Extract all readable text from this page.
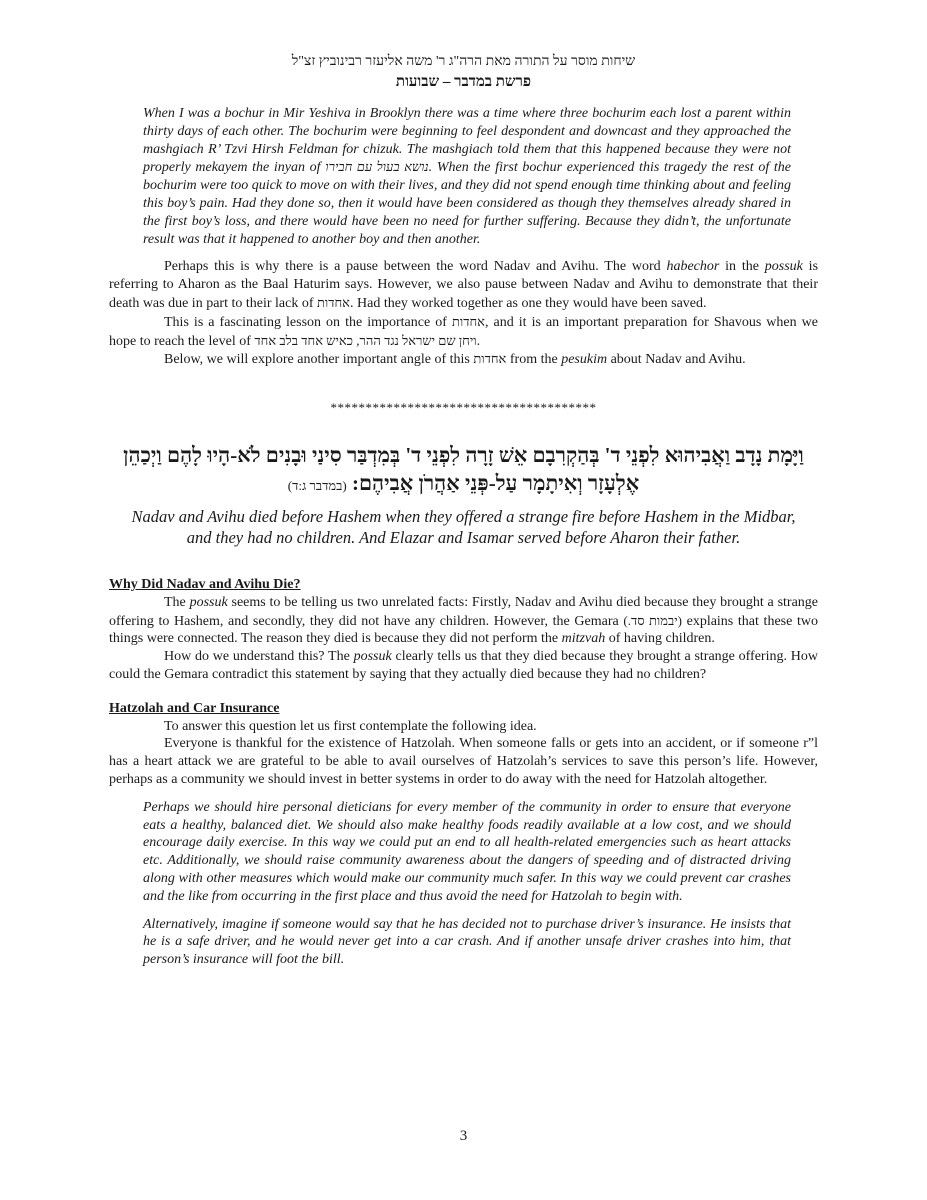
שיחות מוסר על התורה מאת הרה"ג ר' משה אליעזר רבינוביץ זצ"ל
פרשת במדבר – שבועות
When I was a bochur in Mir Yeshiva in Brooklyn there was a time where three bochurim each lost a parent within thirty days of each other. The bochurim were beginning to feel despondent and downcast and they approached the mashgiach R’ Tzvi Hirsh Feldman for chizuk. The mashgiach told them that this happened because they were not properly mekayem the inyan of נושא בעול עם חבירו. When the first bochur experienced this tragedy the rest of the bochurim were too quick to move on with their lives, and they did not spend enough time thinking about and feeling this boy’s pain. Had they done so, then it would have been considered as though they themselves already shared in the first boy’s loss, and there would have been no need for further suffering. Because they didn’t, the unfortunate result was that it happened to another boy and then another.

Perhaps this is why there is a pause between the word Nadav and Avihu. The word habechor in the possuk is referring to Aharon as the Baal Haturim says. However, we also pause between Nadav and Avihu to demonstrate that their death was due in part to their lack of אחדות. Had they worked together as one they would have been saved.

This is a fascinating lesson on the importance of אחדות, and it is an important preparation for Shavous when we hope to reach the level of ויחן שם ישראל נגד ההר, כאיש אחד בלב אחד.

Below, we will explore another important angle of this אחדות from the pesukim about Nadav and Avihu.

**************************************
וַיָּמָת נָדָב וַאֲבִיהוּא לִפְנֵי ד' בְּהַקְרִבָם אֵשׁ זָרָה לִפְנֵי ד' בְּמִדְבַּר סִינַי וּבָנִים לֹא-הָיוּ לָהֶם וַיְכַהֵן
אֶלְעָזָר וְאִיתָמָר עַל-פְּנֵי אַהֲרֹן אֲבִיהֶם: (במדבר ג:ד)
Nadav and Avihu died before Hashem when they offered a strange fire before Hashem in the Midbar,
and they had no children. And Elazar and Isamar served before Aharon their father.
Why Did Nadav and Avihu Die?

The possuk seems to be telling us two unrelated facts: Firstly, Nadav and Avihu died because they brought a strange offering to Hashem, and secondly, they did not have any children. However, the Gemara (יבמות סד.) explains that these two things were connected. The reason they died is because they did not perform the mitzvah of having children.

How do we understand this? The possuk clearly tells us that they died because they brought a strange offering. How could the Gemara contradict this statement by saying that they actually died because they had no children?

Hatzolah and Car Insurance

To answer this question let us first contemplate the following idea.

Everyone is thankful for the existence of Hatzolah. When someone falls or gets into an accident, or if someone r”l has a heart attack we are grateful to be able to avail ourselves of Hatzolah’s services to save this person’s life. However, perhaps as a community we should invest in better systems in order to do away with the need for Hatzolah altogether.

Perhaps we should hire personal dieticians for every member of the community in order to ensure that everyone eats a healthy, balanced diet. We should also make healthy foods readily available at a low cost, and we should encourage daily exercise. In this way we could put an end to all health-related emergencies such as heart attacks etc. Additionally, we should raise community awareness about the dangers of speeding and of distracted driving along with other measures which would make our community much safer. In this way we could prevent car crashes and the like from occurring in the first place and thus avoid the need for Hatzolah to begin with.
Alternatively, imagine if someone would say that he has decided not to purchase driver’s insurance. He insists that he is a safe driver, and he would never get into a car crash. And if another unsafe driver crashes into him, that person’s insurance will foot the bill.
3
